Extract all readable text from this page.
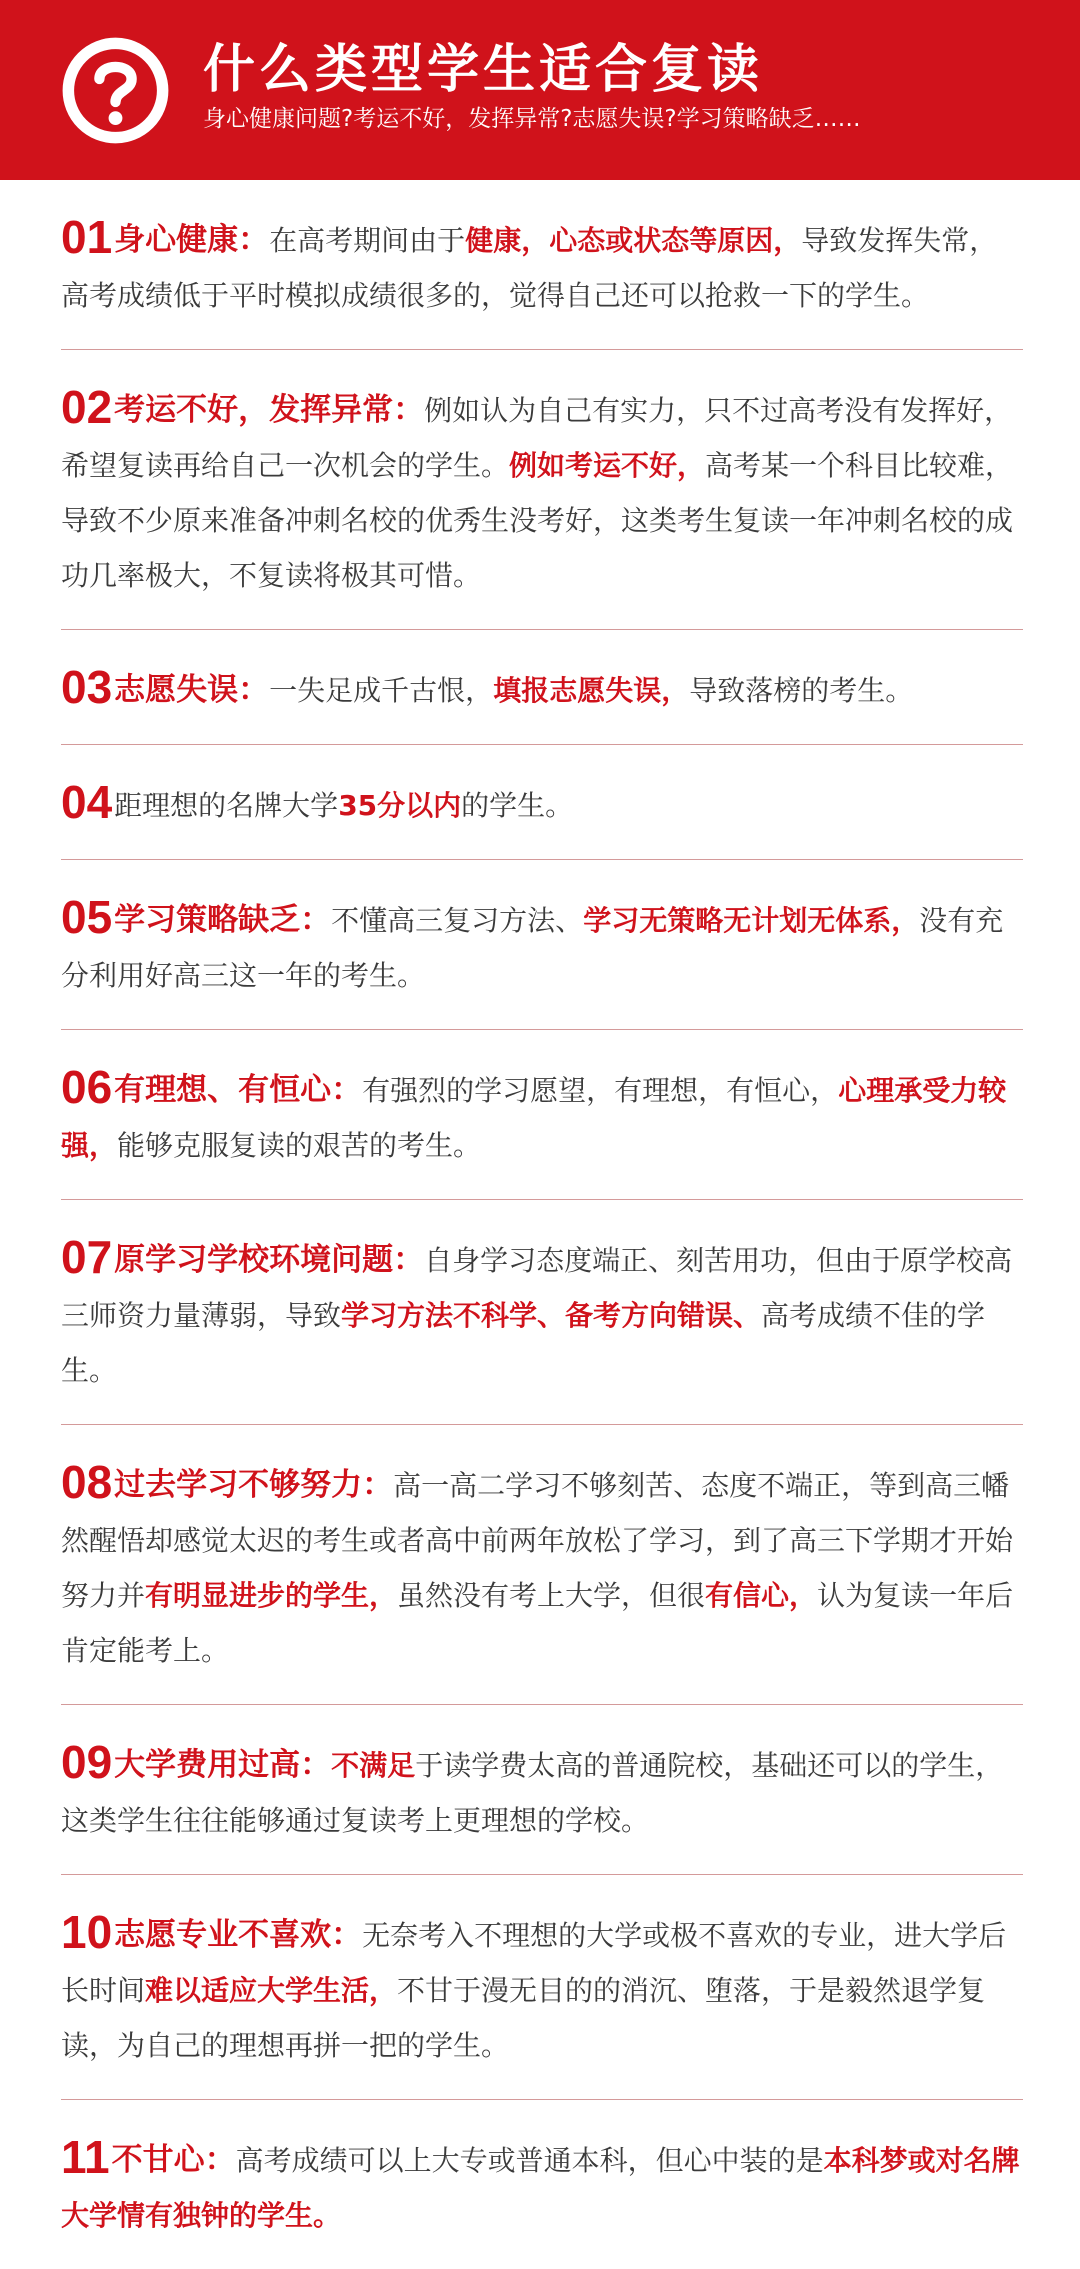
什么类型学生适合复读
身心健康问题?考运不好，发挥异常?志愿失误?学习策略缺乏……
01身心健康：在高考期间由于健康，心态或状态等原因，导致发挥失常，高考成绩低于平时模拟成绩很多的，觉得自己还可以抢救一下的学生。
02考运不好，发挥异常：例如认为自己有实力，只不过高考没有发挥好，希望复读再给自己一次机会的学生。例如考运不好，高考某一个科目比较难，导致不少原来准备冲刺名校的优秀生没考好，这类考生复读一年冲刺名校的成功几率极大，不复读将极其可惜。
03志愿失误：一失足成千古恨，填报志愿失误，导致落榜的考生。
04距理想的名牌大学35分以内的学生。
05学习策略缺乏：不懂高三复习方法、学习无策略无计划无体系，没有充分利用好高三这一年的考生。
06有理想、有恒心：有强烈的学习愿望，有理想，有恒心，心理承受力较强，能够克服复读的艰苦的考生。
07原学习学校环境问题：自身学习态度端正、刻苦用功，但由于原学校高三师资力量薄弱，导致学习方法不科学、备考方向错误、高考成绩不佳的学生。
08过去学习不够努力：高一高二学习不够刻苦、态度不端正，等到高三幡然醒悟却感觉太迟的考生或者高中前两年放松了学习，到了高三下学期才开始努力并有明显进步的学生，虽然没有考上大学，但很有信心，认为复读一年后肯定能考上。
09大学费用过高：不满足于读学费太高的普通院校，基础还可以的学生，这类学生往往能够通过复读考上更理想的学校。
10志愿专业不喜欢：无奈考入不理想的大学或极不喜欢的专业，进大学后长时间难以适应大学生活，不甘于漫无目的的消沉、堕落，于是毅然退学复读，为自己的理想再拼一把的学生。
11不甘心：高考成绩可以上大专或普通本科，但心中装的是本科梦或对名牌大学情有独钟的学生。
